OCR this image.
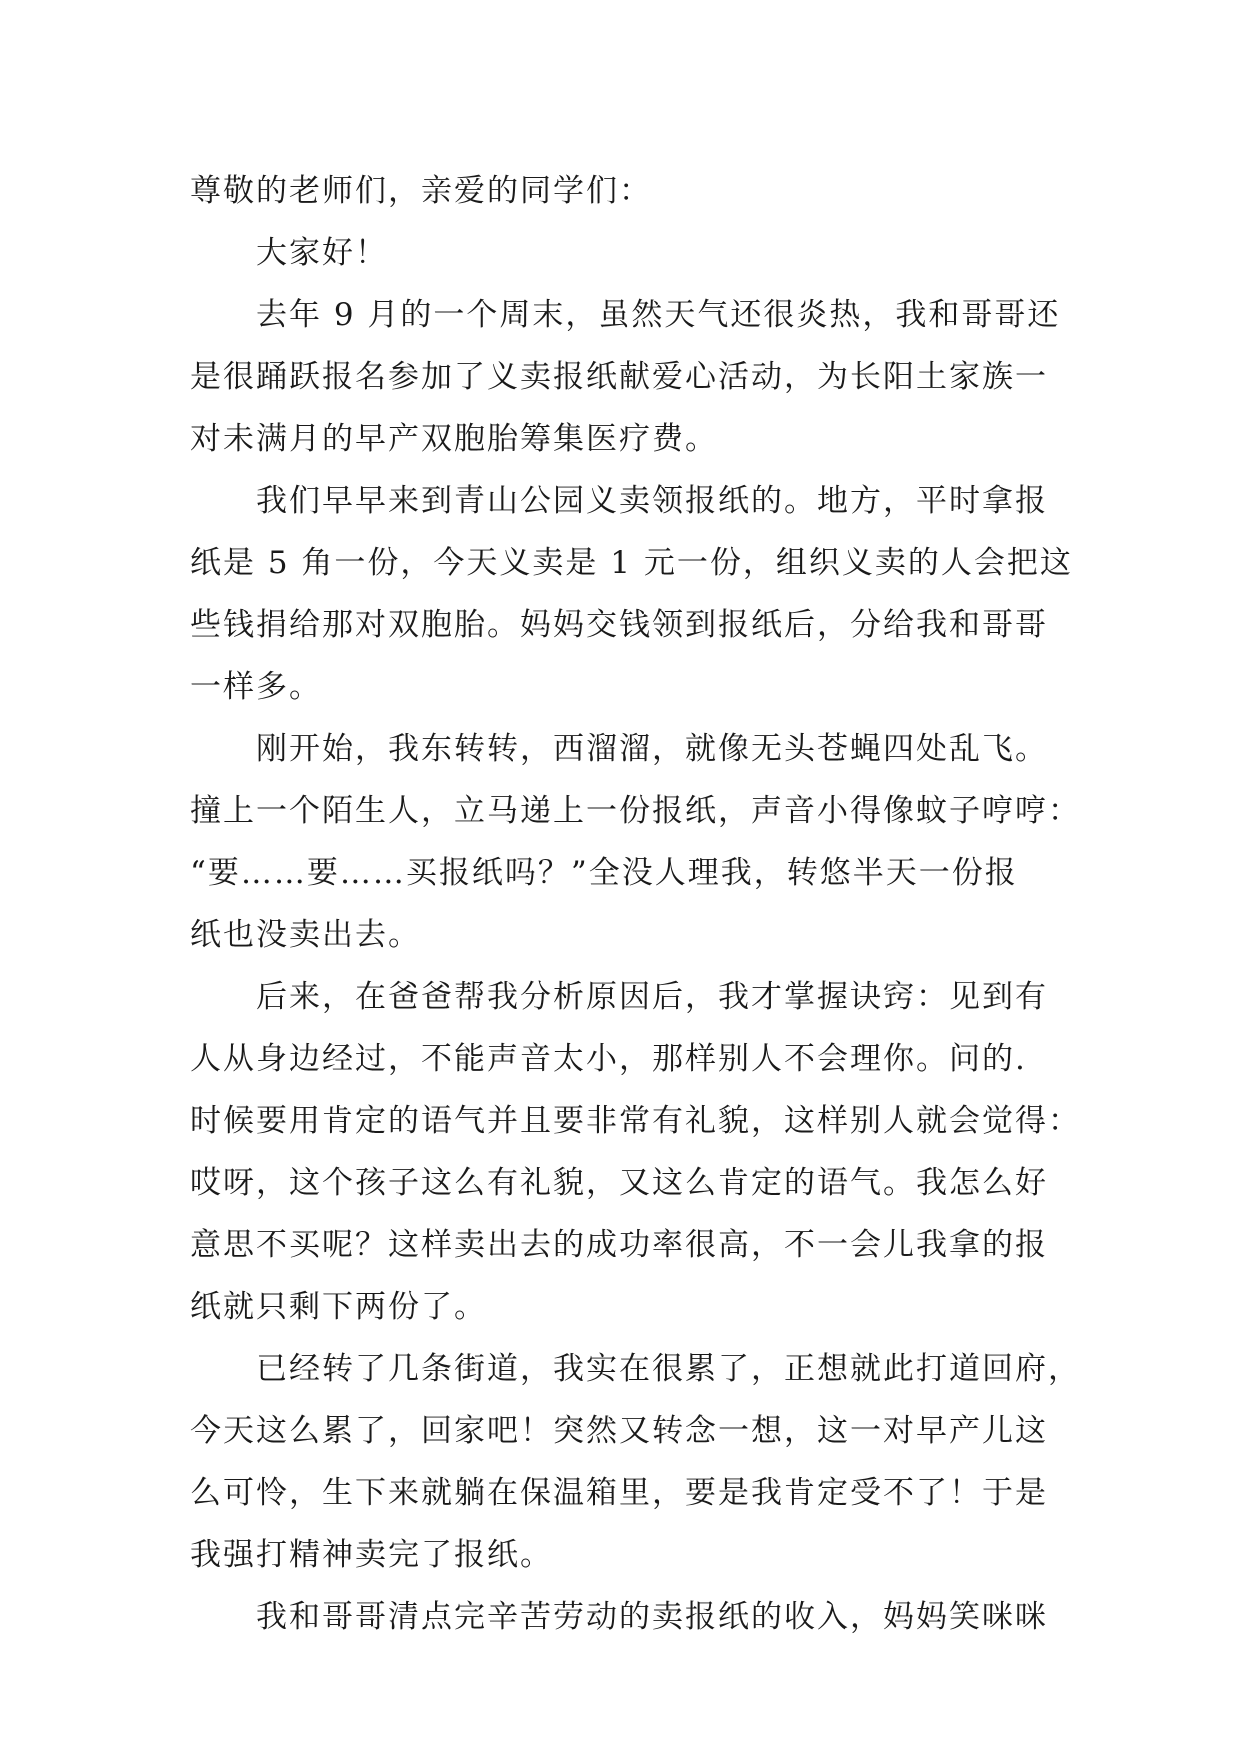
尊敬的老师们，亲爱的同学们：
大家好！
去年 9 月的一个周末，虽然天气还很炎热，我和哥哥还
是很踊跃报名参加了义卖报纸献爱心活动，为长阳土家族一
对未满月的早产双胞胎筹集医疗费。
我们早早来到青山公园义卖领报纸的。地方，平时拿报
纸是 5 角一份，今天义卖是 1 元一份，组织义卖的人会把这
些钱捐给那对双胞胎。妈妈交钱领到报纸后，分给我和哥哥
一样多。
刚开始，我东转转，西溜溜，就像无头苍蝇四处乱飞。
撞上一个陌生人，立马递上一份报纸，声音小得像蚊子哼哼：
“要……要……买报纸吗？”全没人理我，转悠半天一份报
纸也没卖出去。
后来，在爸爸帮我分析原因后，我才掌握诀窍：见到有
人从身边经过，不能声音太小，那样别人不会理你。问的.
时候要用肯定的语气并且要非常有礼貌，这样别人就会觉得：
哎呀，这个孩子这么有礼貌，又这么肯定的语气。我怎么好
意思不买呢？这样卖出去的成功率很高，不一会儿我拿的报
纸就只剩下两份了。
已经转了几条街道，我实在很累了，正想就此打道回府，
今天这么累了，回家吧！突然又转念一想，这一对早产儿这
么可怜，生下来就躺在保温箱里，要是我肯定受不了！于是
我强打精神卖完了报纸。
我和哥哥清点完辛苦劳动的卖报纸的收入，妈妈笑咪咪
